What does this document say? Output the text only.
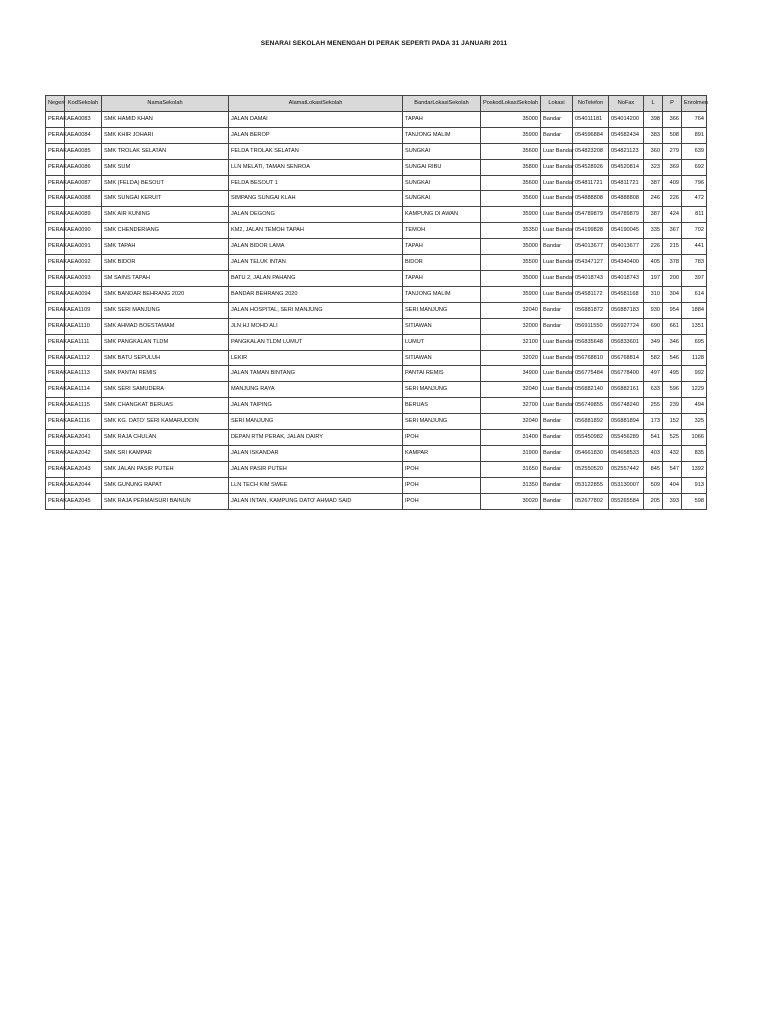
SENARAI SEKOLAH MENENGAH DI PERAK SEPERTI PADA 31 JANUARI 2011
Negeri	KodSekolah	NamaSekolah	AlamatLokasiSekolah	BandarLokasiSekolah	PoskodLokasiSekolah	Lokasi	NoTelefon	NoFax	L	P	Enrolmen
PERAK	AEA0083	SMK HAMID KHAN	JALAN DAMAI	TAPAH	35000	Bandar	054011181	054014200	398	366	764
PERAK	AEA0084	SMK KHIR JOHARI	JALAN BEROP	TANJONG MALIM	35900	Bandar	054596884	054582434	383	508	891
PERAK	AEA0085	SMK TROLAK SELATAN	FELDA TROLAK SELATAN	SUNGKAI	35600	Luar Bandar	054823208	054821123	360	279	639
PERAK	AEA0086	SMK SUM	LLN MELATI, TAMAN SENROA	SUNGAI RIBU	35800	Luar Bandar	054528926	054520814	323	369	692
PERAK	AEA0087	SMK (FELDA) BESOUT	FELDA BESOUT 1	SUNGKAI	35600	Luar Bandar	054811721	054811721	387	409	796
PERAK	AEA0088	SMK SUNGAI KERUIT	SIMPANG SUNGAI KLAH	SUNGKAI	35600	Luar Bandar	054888808	054888808	246	226	472
PERAK	AEA0089	SMK AIR KUNING	JALAN DEGONG	KAMPUNG DI AWAN	35900	Luar Bandar	054789879	054789879	387	424	811
PERAK	AEA0090	SMK CHENDERIANG	KM2, JALAN TEMOH TAPAH	TEMOH	35350	Luar Bandar	054199828	054190045	335	367	702
PERAK	AEA0091	SMK TAPAH	JALAN BIDOR LAMA	TAPAH	35000	Bandar	054013677	054013677	226	215	441
PERAK	AEA0092	SMK BIDOR	JALAN TELUK INTAN	BIDOR	35500	Luar Bandar	054347127	054340400	405	378	783
PERAK	AEA0093	SM SAINS TAPAH	BATU 2, JALAN PAHANG	TAPAH	35000	Luar Bandar	054018743	054018743	197	200	397
PERAK	AEA0094	SMK BANDAR BEHRANG 2020	BANDAR BEHRANG 2020	TANJONG MALIM	35900	Luar Bandar	054581172	054581168	310	304	614
PERAK	AEA1109	SMK SERI MANJUNG	JALAN HOSPITAL, SERI MANJUNG	SERI MANJUNG	32040	Bandar	056881872	056887183	930	954	1884
PERAK	AEA1110	SMK AHMAD BOESTAMAM	JLN HJ MOHD ALI	SITIAWAN	32000	Bandar	056911550	056927724	690	661	1351
PERAK	AEA1111	SMK PANGKALAN TLDM	PANGKALAN TLDM LUMUT	LUMUT	32100	Luar Bandar	056835648	056833601	349	346	695
PERAK	AEA1112	SMK BATU SEPULUH	LEKIR	SITIAWAN	32020	Luar Bandar	056768810	056768814	582	546	1128
PERAK	AEA1113	SMK PANTAI REMIS	JALAN TAMAN BINTANG	PANTAI REMIS	34900	Luar Bandar	056775484	056778400	497	495	992
PERAK	AEA1114	SMK SERI SAMUDERA	MANJUNG RAYA	SERI MANJUNG	32040	Luar Bandar	056882140	056882161	633	596	1229
PERAK	AEA1115	SMK CHANGKAT BERUAS	JALAN TAIPING	BERUAS	32700	Luar Bandar	056749855	056748240	255	239	494
PERAK	AEA1116	SMK KG. DATO' SERI KAMARUDDIN	SERI MANJUNG	SERI MANJUNG	32040	Bandar	056881892	056881894	173	152	325
PERAK	AEA2041	SMK RAJA CHULAN	DEPAN RTM PERAK, JALAN DAIRY	IPOH	31400	Bandar	055450982	055456289	541	525	1066
PERAK	AEA2042	SMK SRI KAMPAR	JALAN ISKANDAR	KAMPAR	31900	Bandar	054661830	054658533	403	432	835
PERAK	AEA2043	SMK JALAN PASIR PUTEH	JALAN PASIR PUTEH	IPOH	31650	Bandar	052550520	052557442	845	547	1392
PERAK	AEA2044	SMK GUNUNG RAPAT	LLN TECH KIM SWEE	IPOH	31350	Bandar	053122855	053130007	509	404	913
PERAK	AEA2045	SMK RAJA PERMAISURI BAINUN	JALAN INTAN, KAMPUNG DATO' AHMAD SAID	IPOH	30020	Bandar	052677802	055265584	205	393	598
